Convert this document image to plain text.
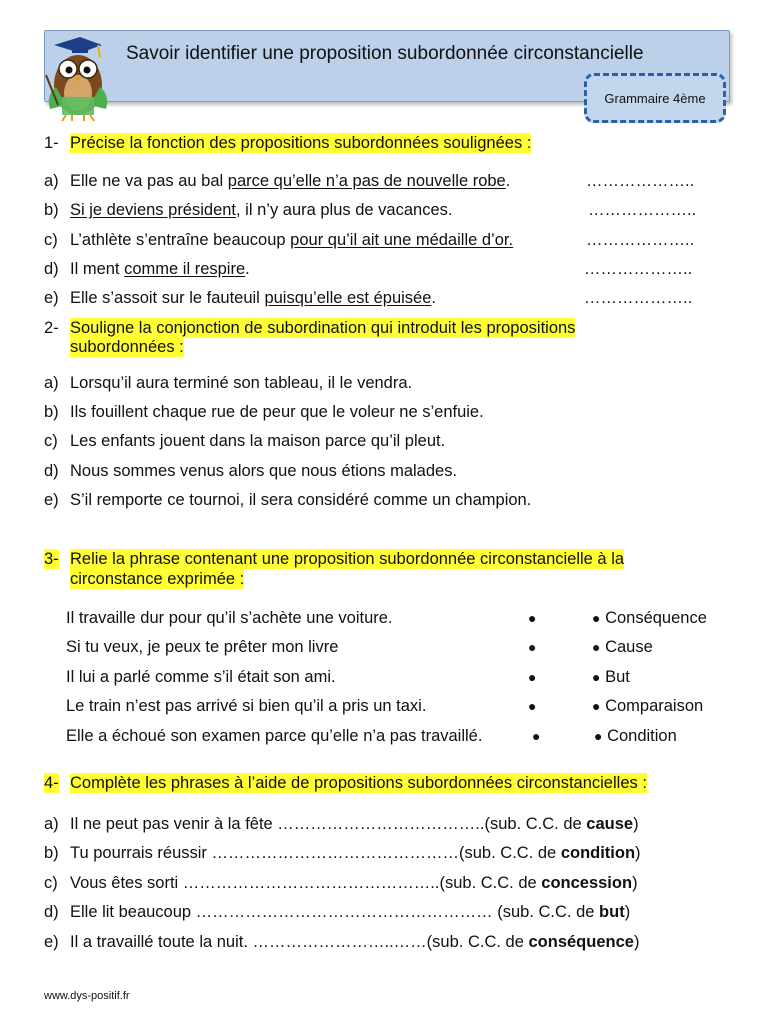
Savoir identifier une proposition subordonnée circonstancielle
Grammaire 4ème
1- Précise la fonction des propositions subordonnées soulignées :
a) Elle ne va pas au bal parce qu’elle n’a pas de nouvelle robe.	………………..
b) Si je deviens président, il n’y aura plus de vacances.	………………..
c) L’athlète s’entraîne beaucoup pour qu’il ait une médaille d’or.	………………..
d) Il ment comme il respire.	………………..
e) Elle s’assoit sur le fauteuil puisqu’elle est épuisée.	………………..
2- Souligne la conjonction de subordination qui introduit les propositions
subordonnées :
a) Lorsqu’il aura terminé son tableau, il le vendra.
b) Ils fouillent chaque rue de peur que le voleur ne s’enfuie.
c) Les enfants jouent dans la maison parce qu’il pleut.
d) Nous sommes venus alors que nous étions malades.
e) S’il remporte ce tournoi, il sera considéré comme un champion.
3- Relie la phrase contenant une proposition subordonnée circonstancielle à la
circonstance exprimée :
Il travaille dur pour qu’il s’achète une voiture.	●	● Conséquence
Si tu veux, je peux te prêter mon livre	●	● Cause
Il lui a parlé comme s’il était son ami.	●	● But
Le train n’est pas arrivé si bien qu’il a pris un taxi.	●	● Comparaison
Elle a échoué son examen parce qu’elle n’a pas travaillé.	●	● Condition
4- Complète les phrases à l’aide de propositions subordonnées circonstancielles :
a) Il ne peut pas venir à la fête ………………………………..(sub. C.C. de cause)
b) Tu pourrais réussir ………………………………………(sub. C.C. de condition)
c) Vous êtes sorti ………………………………………..(sub. C.C. de concession)
d) Elle lit beaucoup ……………………………………………… (sub. C.C. de but)
e) Il a travaillé toute la nuit. ……………………..……(sub. C.C. de conséquence)
www.dys-positif.fr
